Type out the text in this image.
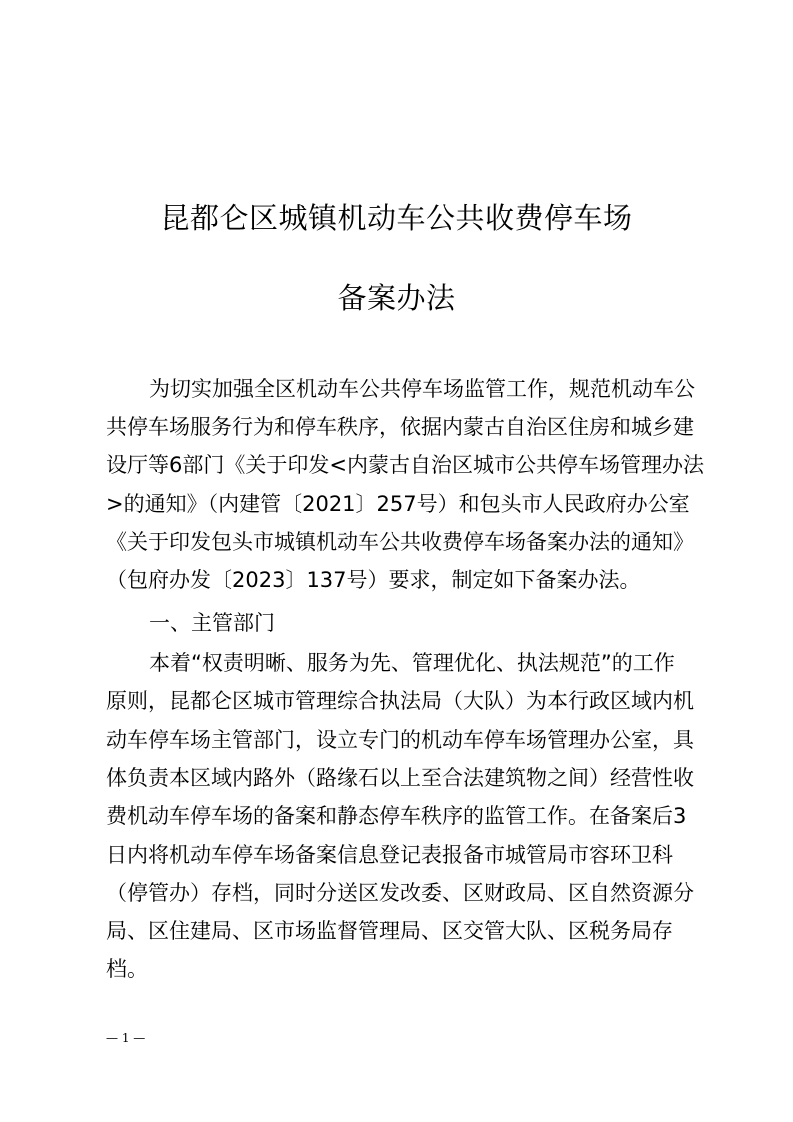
昆都仑区城镇机动车公共收费停车场
备案办法
为切实加强全区机动车公共停车场监管工作，规范机动车公
共停车场服务行为和停车秩序，依据内蒙古自治区住房和城乡建
设厅等6部门《关于印发<内蒙古自治区城市公共停车场管理办法
>的通知》（内建管〔2021〕257号）和包头市人民政府办公室
《关于印发包头市城镇机动车公共收费停车场备案办法的通知》
（包府办发〔2023〕137号）要求，制定如下备案办法。
一、主管部门
本着“权责明晰、服务为先、管理优化、执法规范”的工作
原则，昆都仑区城市管理综合执法局（大队）为本行政区域内机
动车停车场主管部门，设立专门的机动车停车场管理办公室，具
体负责本区域内路外（路缘石以上至合法建筑物之间）经营性收
费机动车停车场的备案和静态停车秩序的监管工作。在备案后3
日内将机动车停车场备案信息登记表报备市城管局市容环卫科
（停管办）存档，同时分送区发改委、区财政局、区自然资源分
局、区住建局、区市场监督管理局、区交管大队、区税务局存
档。
— 1 —
